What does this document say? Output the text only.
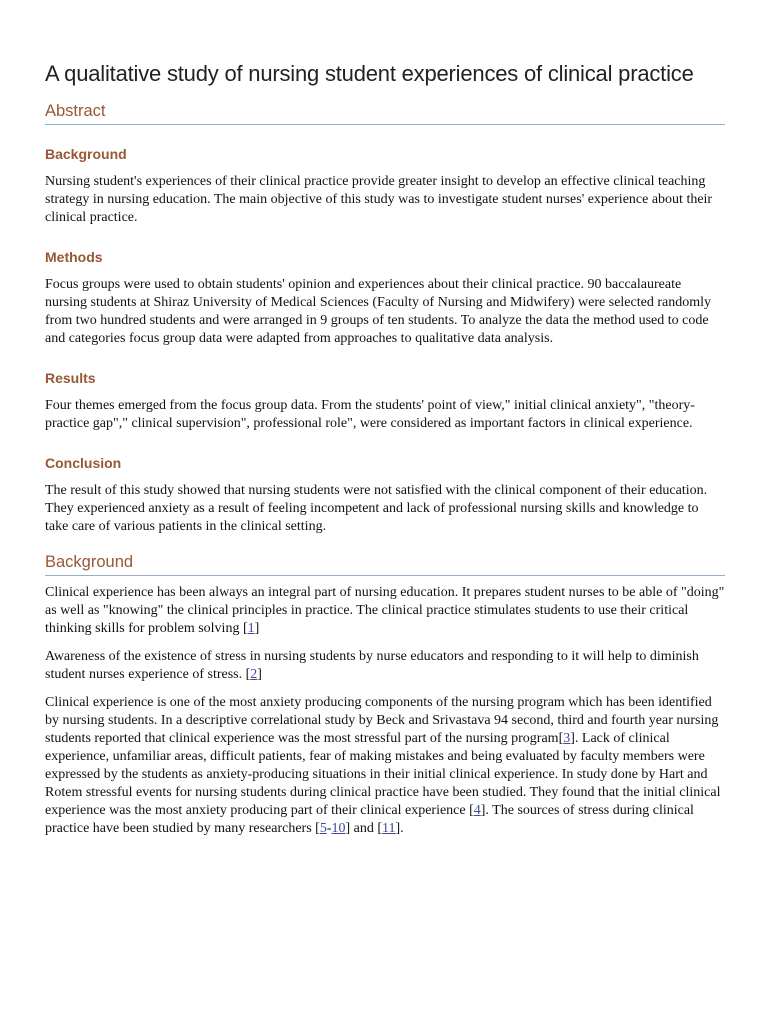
A qualitative study of nursing student experiences of clinical practice
Abstract
Background

Nursing student's experiences of their clinical practice provide greater insight to develop an effective clinical teaching strategy in nursing education. The main objective of this study was to investigate student nurses' experience about their clinical practice.

Methods

Focus groups were used to obtain students' opinion and experiences about their clinical practice. 90 baccalaureate nursing students at Shiraz University of Medical Sciences (Faculty of Nursing and Midwifery) were selected randomly from two hundred students and were arranged in 9 groups of ten students. To analyze the data the method used to code and categories focus group data were adapted from approaches to qualitative data analysis.

Results

Four themes emerged from the focus group data. From the students' point of view," initial clinical anxiety", "theory-practice gap"," clinical supervision", professional role", were considered as important factors in clinical experience.

Conclusion

The result of this study showed that nursing students were not satisfied with the clinical component of their education. They experienced anxiety as a result of feeling incompetent and lack of professional nursing skills and knowledge to take care of various patients in the clinical setting.

Background

Clinical experience has been always an integral part of nursing education. It prepares student nurses to be able of "doing" as well as "knowing" the clinical principles in practice. The clinical practice stimulates students to use their critical thinking skills for problem solving [1]

Awareness of the existence of stress in nursing students by nurse educators and responding to it will help to diminish student nurses experience of stress. [2]

Clinical experience is one of the most anxiety producing components of the nursing program which has been identified by nursing students. In a descriptive correlational study by Beck and Srivastava 94 second, third and fourth year nursing students reported that clinical experience was the most stressful part of the nursing program[3]. Lack of clinical experience, unfamiliar areas, difficult patients, fear of making mistakes and being evaluated by faculty members were expressed by the students as anxiety-producing situations in their initial clinical experience. In study done by Hart and Rotem stressful events for nursing students during clinical practice have been studied. They found that the initial clinical experience was the most anxiety producing part of their clinical experience [4]. The sources of stress during clinical practice have been studied by many researchers [5-10] and [11].
